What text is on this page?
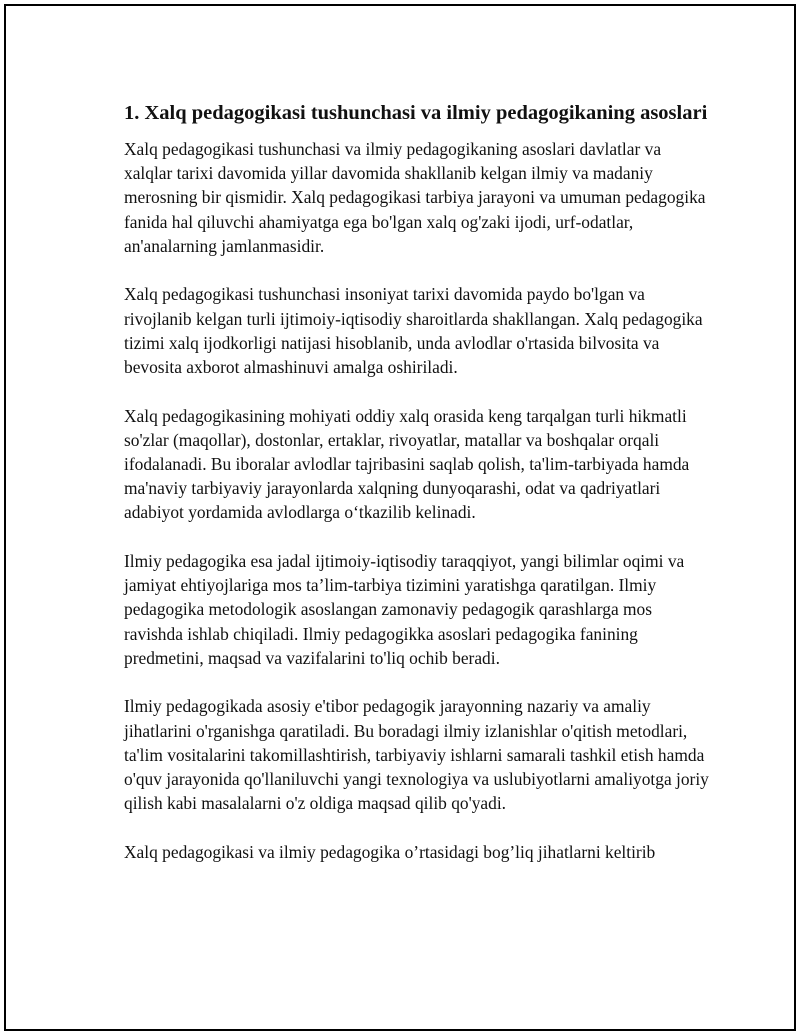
1. Xalq pedagogikasi tushunchasi va ilmiy pedagogikaning asoslari

Xalq pedagogikasi tushunchasi va ilmiy pedagogikaning asoslari davlatlar va xalqlar tarixi davomida yillar davomida shakllanib kelgan ilmiy va madaniy merosning bir qismidir. Xalq pedagogikasi tarbiya jarayoni va umuman pedagogika fanida hal qiluvchi ahamiyatga ega bo'lgan xalq og'zaki ijodi, urf-odatlar, an'analarning jamlanmasidir.

Xalq pedagogikasi tushunchasi insoniyat tarixi davomida paydo bo'lgan va rivojlanib kelgan turli ijtimoiy-iqtisodiy sharoitlarda shakllangan. Xalq pedagogika tizimi xalq ijodkorligi natijasi hisoblanib, unda avlodlar o'rtasida bilvosita va bevosita axborot almashinuvi amalga oshiriladi.

Xalq pedagogikasining mohiyati oddiy xalq orasida keng tarqalgan turli hikmatli so'zlar (maqollar), dostonlar, ertaklar, rivoyatlar, matallar va boshqalar orqali ifodalanadi. Bu iboralar avlodlar tajribasini saqlab qolish, ta'lim-tarbiyada hamda ma'naviy tarbiyaviy jarayonlarda xalqning dunyoqarashi, odat va qadriyatlari adabiyot yordamida avlodlarga o‘tkazilib kelinadi.

Ilmiy pedagogika esa jadal ijtimoiy-iqtisodiy taraqqiyot, yangi bilimlar oqimi va jamiyat ehtiyojlariga mos ta’lim-tarbiya tizimini yaratishga qaratilgan. Ilmiy pedagogika metodologik asoslangan zamonaviy pedagogik qarashlarga mos ravishda ishlab chiqiladi. Ilmiy pedagogikka asoslari pedagogika fanining predmetini, maqsad va vazifalarini to'liq ochib beradi.

Ilmiy pedagogikada asosiy e'tibor pedagogik jarayonning nazariy va amaliy jihatlarini o'rganishga qaratiladi. Bu boradagi ilmiy izlanishlar o'qitish metodlari, ta'lim vositalarini takomillashtirish, tarbiyaviy ishlarni samarali tashkil etish hamda o'quv jarayonida qo'llaniluvchi yangi texnologiya va uslubiyotlarni amaliyotga joriy qilish kabi masalalarni o'z oldiga maqsad qilib qo'yadi.

Xalq pedagogikasi va ilmiy pedagogika o’rtasidagi bog’liq jihatlarni keltirib
